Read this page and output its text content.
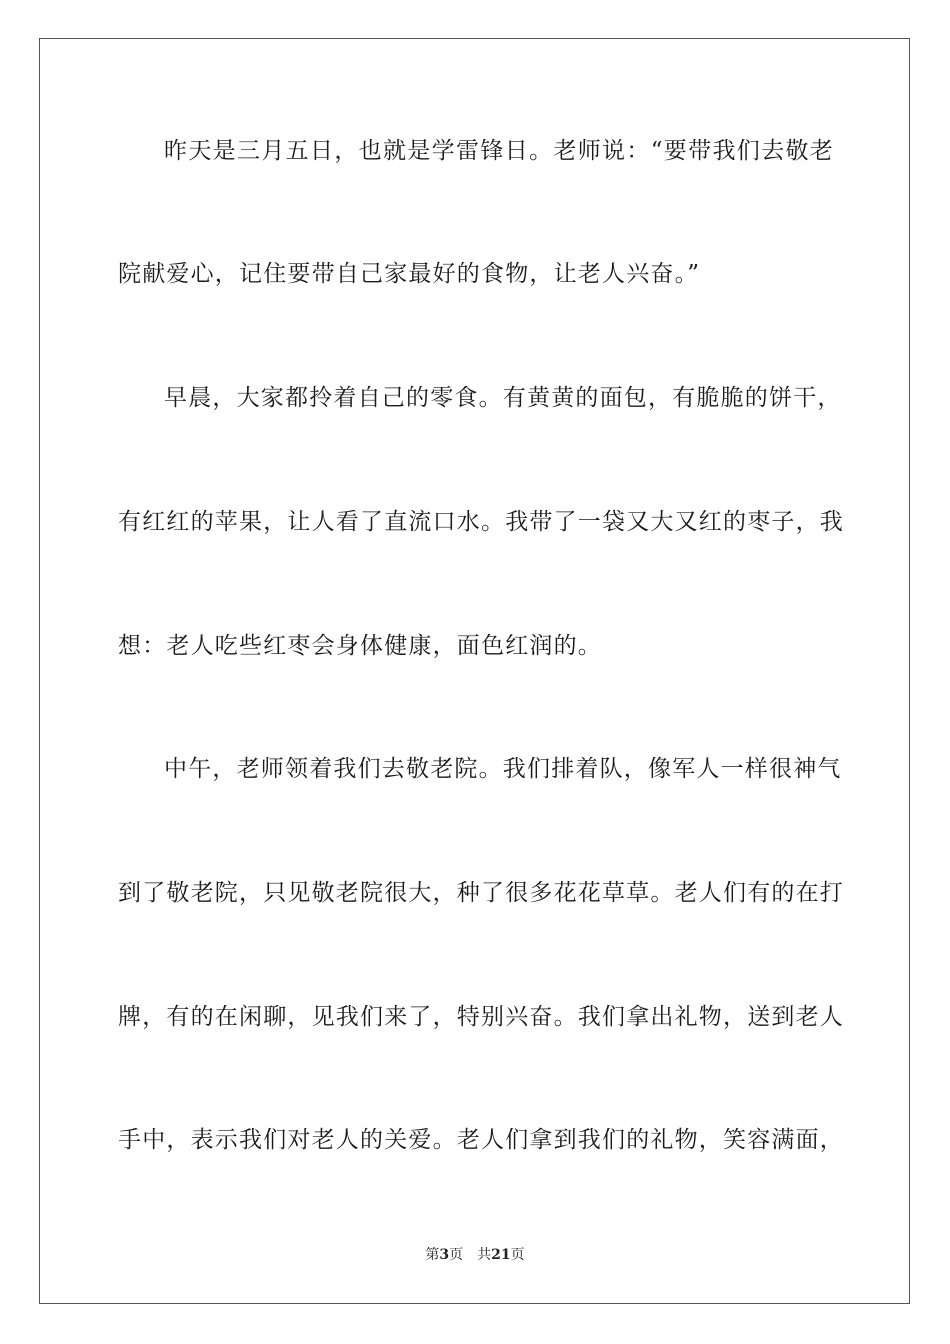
昨天是三月五日，也就是学雷锋日。老师说：“要带我们去敬老
院献爱心，记住要带自己家最好的食物，让老人兴奋。”
早晨，大家都拎着自己的零食。有黄黄的面包，有脆脆的饼干，
有红红的苹果，让人看了直流口水。我带了一袋又大又红的枣子，我
想：老人吃些红枣会身体健康，面色红润的。
中午，老师领着我们去敬老院。我们排着队，像军人一样很神气
到了敬老院，只见敬老院很大，种了很多花花草草。老人们有的在打
牌，有的在闲聊，见我们来了，特别兴奋。我们拿出礼物，送到老人
手中，表示我们对老人的关爱。老人们拿到我们的礼物，笑容满面，
第3页 共21页
